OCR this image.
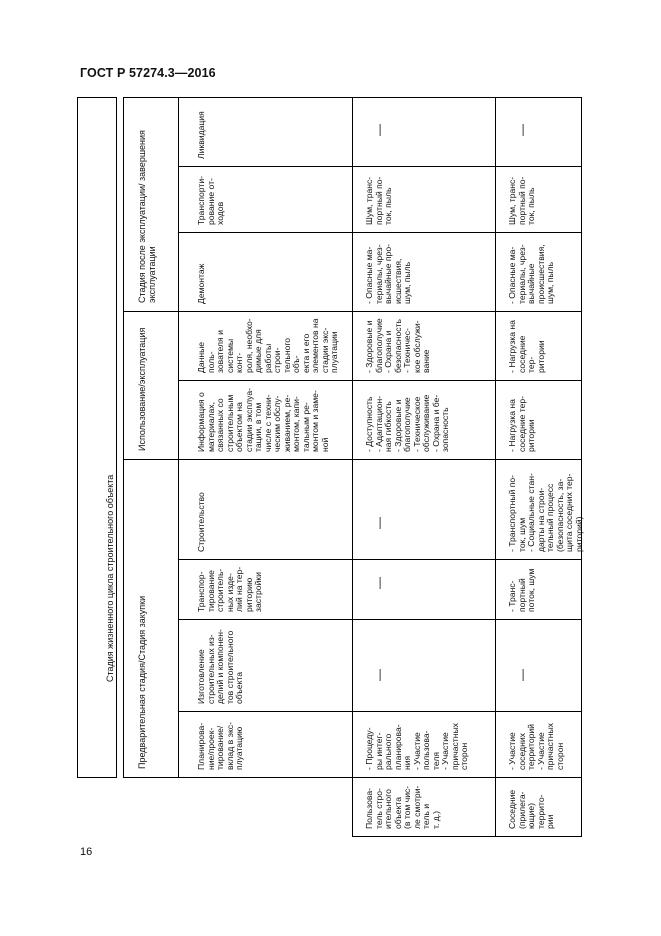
ГОСТ Р 57274.3—2016
Стадия жизненного цикла строительного объекта
Предварительная стадия/Стадия закупки
Использование/эксплуатация
Стадия после эксплуатации/ завершения
эксплуатации
Планирова-
ние/проек-
тирование/
вклад в экс-
плуатацию
Изготовление
строительных из-
делий и компонен-
тов строительного
объекта
Транспор-
тирование
строитель-
ных изде-
лий на тер-
риторию
застройки
Строительство
Информация о
материалах,
связанных со
строительным
объектом на
стадии эксплуа-
тации, в том
числе с техни-
ческим обслу-
живанием, ре-
монтом, капи-
тальным ре-
монтом и заме-
ной
Данные поль-
зователя и
системы конт-
роля, необхо-
димые для
работы строи-
тельного объ-
екта и его
элементов на
стадии экс-
плуатации
Демонтаж
Транспорти-
рование от-
ходов
Ликвидация
Пользова-
тель стро-
ительного
объекта
(в том чис-
ле смотри-
тель и
т. д.)
- Процеду-
ры интег-
рального
планирова-
ния
- Участие
пользова-
теля
- Участие
причастных
сторон
—
—
—
- Доступность
- Адаптацион-
ная гибкость
- Здоровые и
благополучие
- Техническое
обслуживание
- Охрана и бе-
зопасность
- Здоровые и
благополучие
- Охрана и
безопасность
- Техничес-
кое обслужи-
вание
- Опасные ма-
териалы, чрез-
вычайные про-
исшествия,
шум, пыль
Шум, транс-
портный по-
ток, пыль
—
Соседние
(прилега-
ющие)
террито-
рии
- Участие
соседних
территорий
- Участие
причастных
сторон
—
- Транс-
портный
поток, шум
- Транспортный по-
ток, шум
- Социальные стан-
дарты на строи-
тельный процесс
(безопасность, за-
щита соседних тер-
риторий)
- Нагрузка на
соседние тер-
ритории
- Нагрузка на
соседние тер-
ритории
- Опасные ма-
териалы, чрез-
вычайные
происшествия,
шум, пыль
Шум, транс-
портный по-
ток, пыль
—
16
